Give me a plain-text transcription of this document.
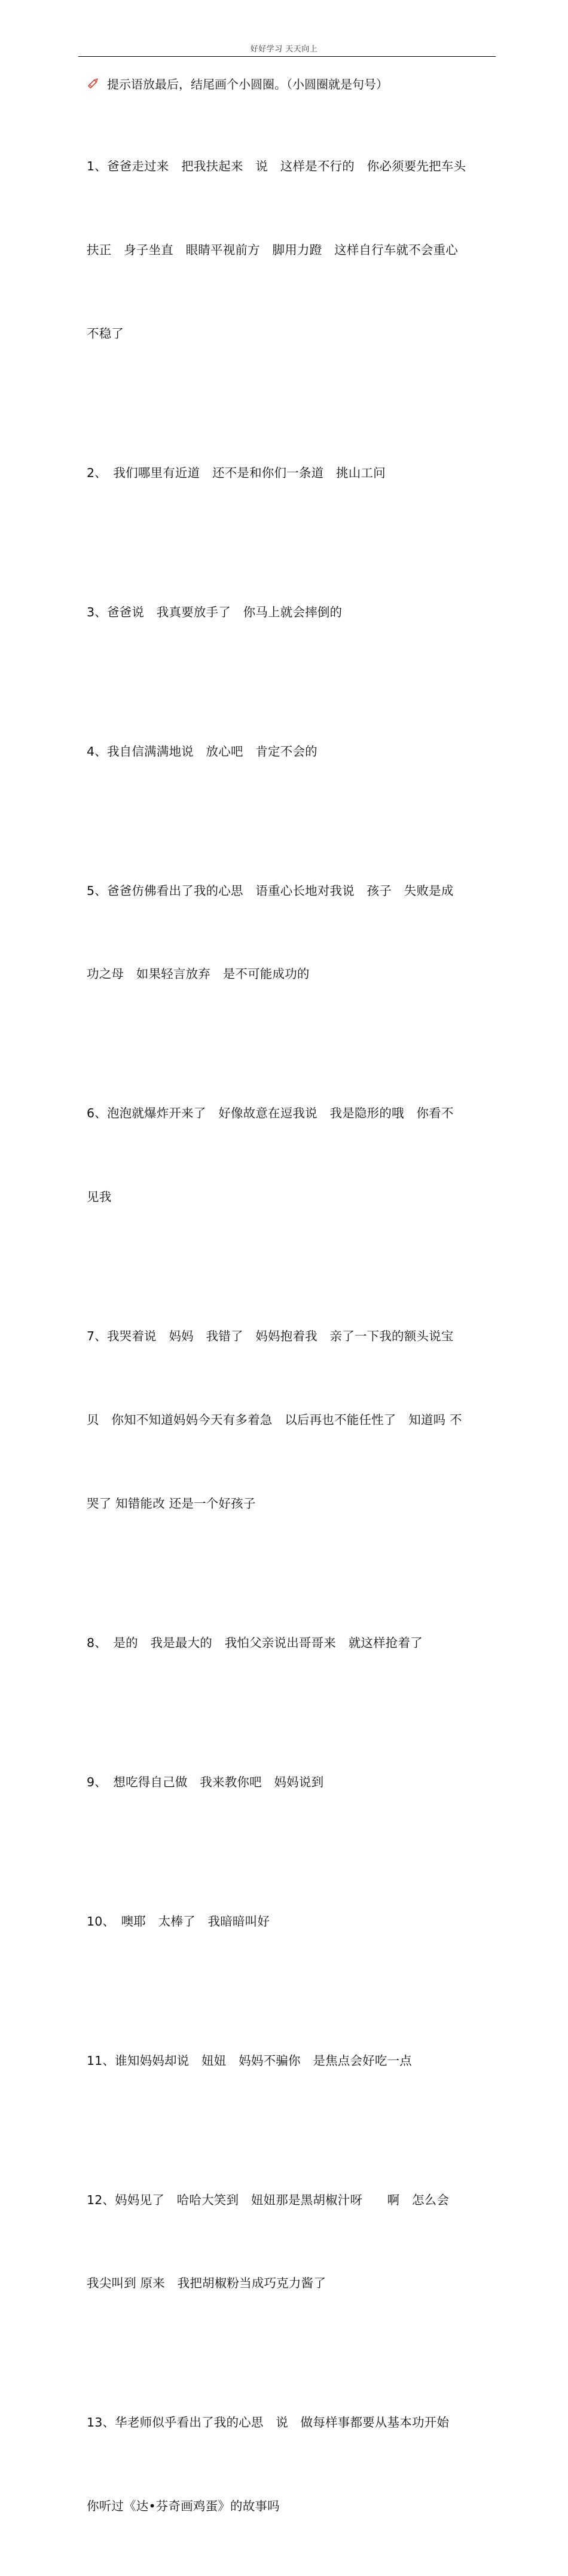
好好学习 天天向上
提示语放最后，结尾画个小圆圈。（小圆圈就是句号）

1、爸爸走过来　把我扶起来　说　这样是不行的　你必须要先把车头

扶正　身子坐直　眼睛平视前方　脚用力蹬　这样自行车就不会重心

不稳了

2、　我们哪里有近道　还不是和你们一条道　挑山工问

3、爸爸说　我真要放手了　你马上就会摔倒的

4、我自信满满地说　放心吧　肯定不会的

5、爸爸仿佛看出了我的心思　语重心长地对我说　孩子　失败是成

功之母　如果轻言放弃　是不可能成功的

6、泡泡就爆炸开来了　好像故意在逗我说　我是隐形的哦　你看不

见我

7、我哭着说　妈妈　我错了　妈妈抱着我　亲了一下我的额头说宝

贝　你知不知道妈妈今天有多着急　以后再也不能任性了　知道吗 不

哭了 知错能改 还是一个好孩子

8、　是的　我是最大的　我怕父亲说出哥哥来　就这样抢着了

9、　想吃得自己做　我来教你吧　妈妈说到

10、　噢耶　太棒了　我暗暗叫好

11、谁知妈妈却说　妞妞　妈妈不骗你　是焦点会好吃一点

12、妈妈见了　哈哈大笑到　妞妞那是黑胡椒汁呀　　啊　怎么会

我尖叫到 原来　我把胡椒粉当成巧克力酱了

13、华老师似乎看出了我的心思　说　做每样事都要从基本功开始

你听过《达•芬奇画鸡蛋》的故事吗
